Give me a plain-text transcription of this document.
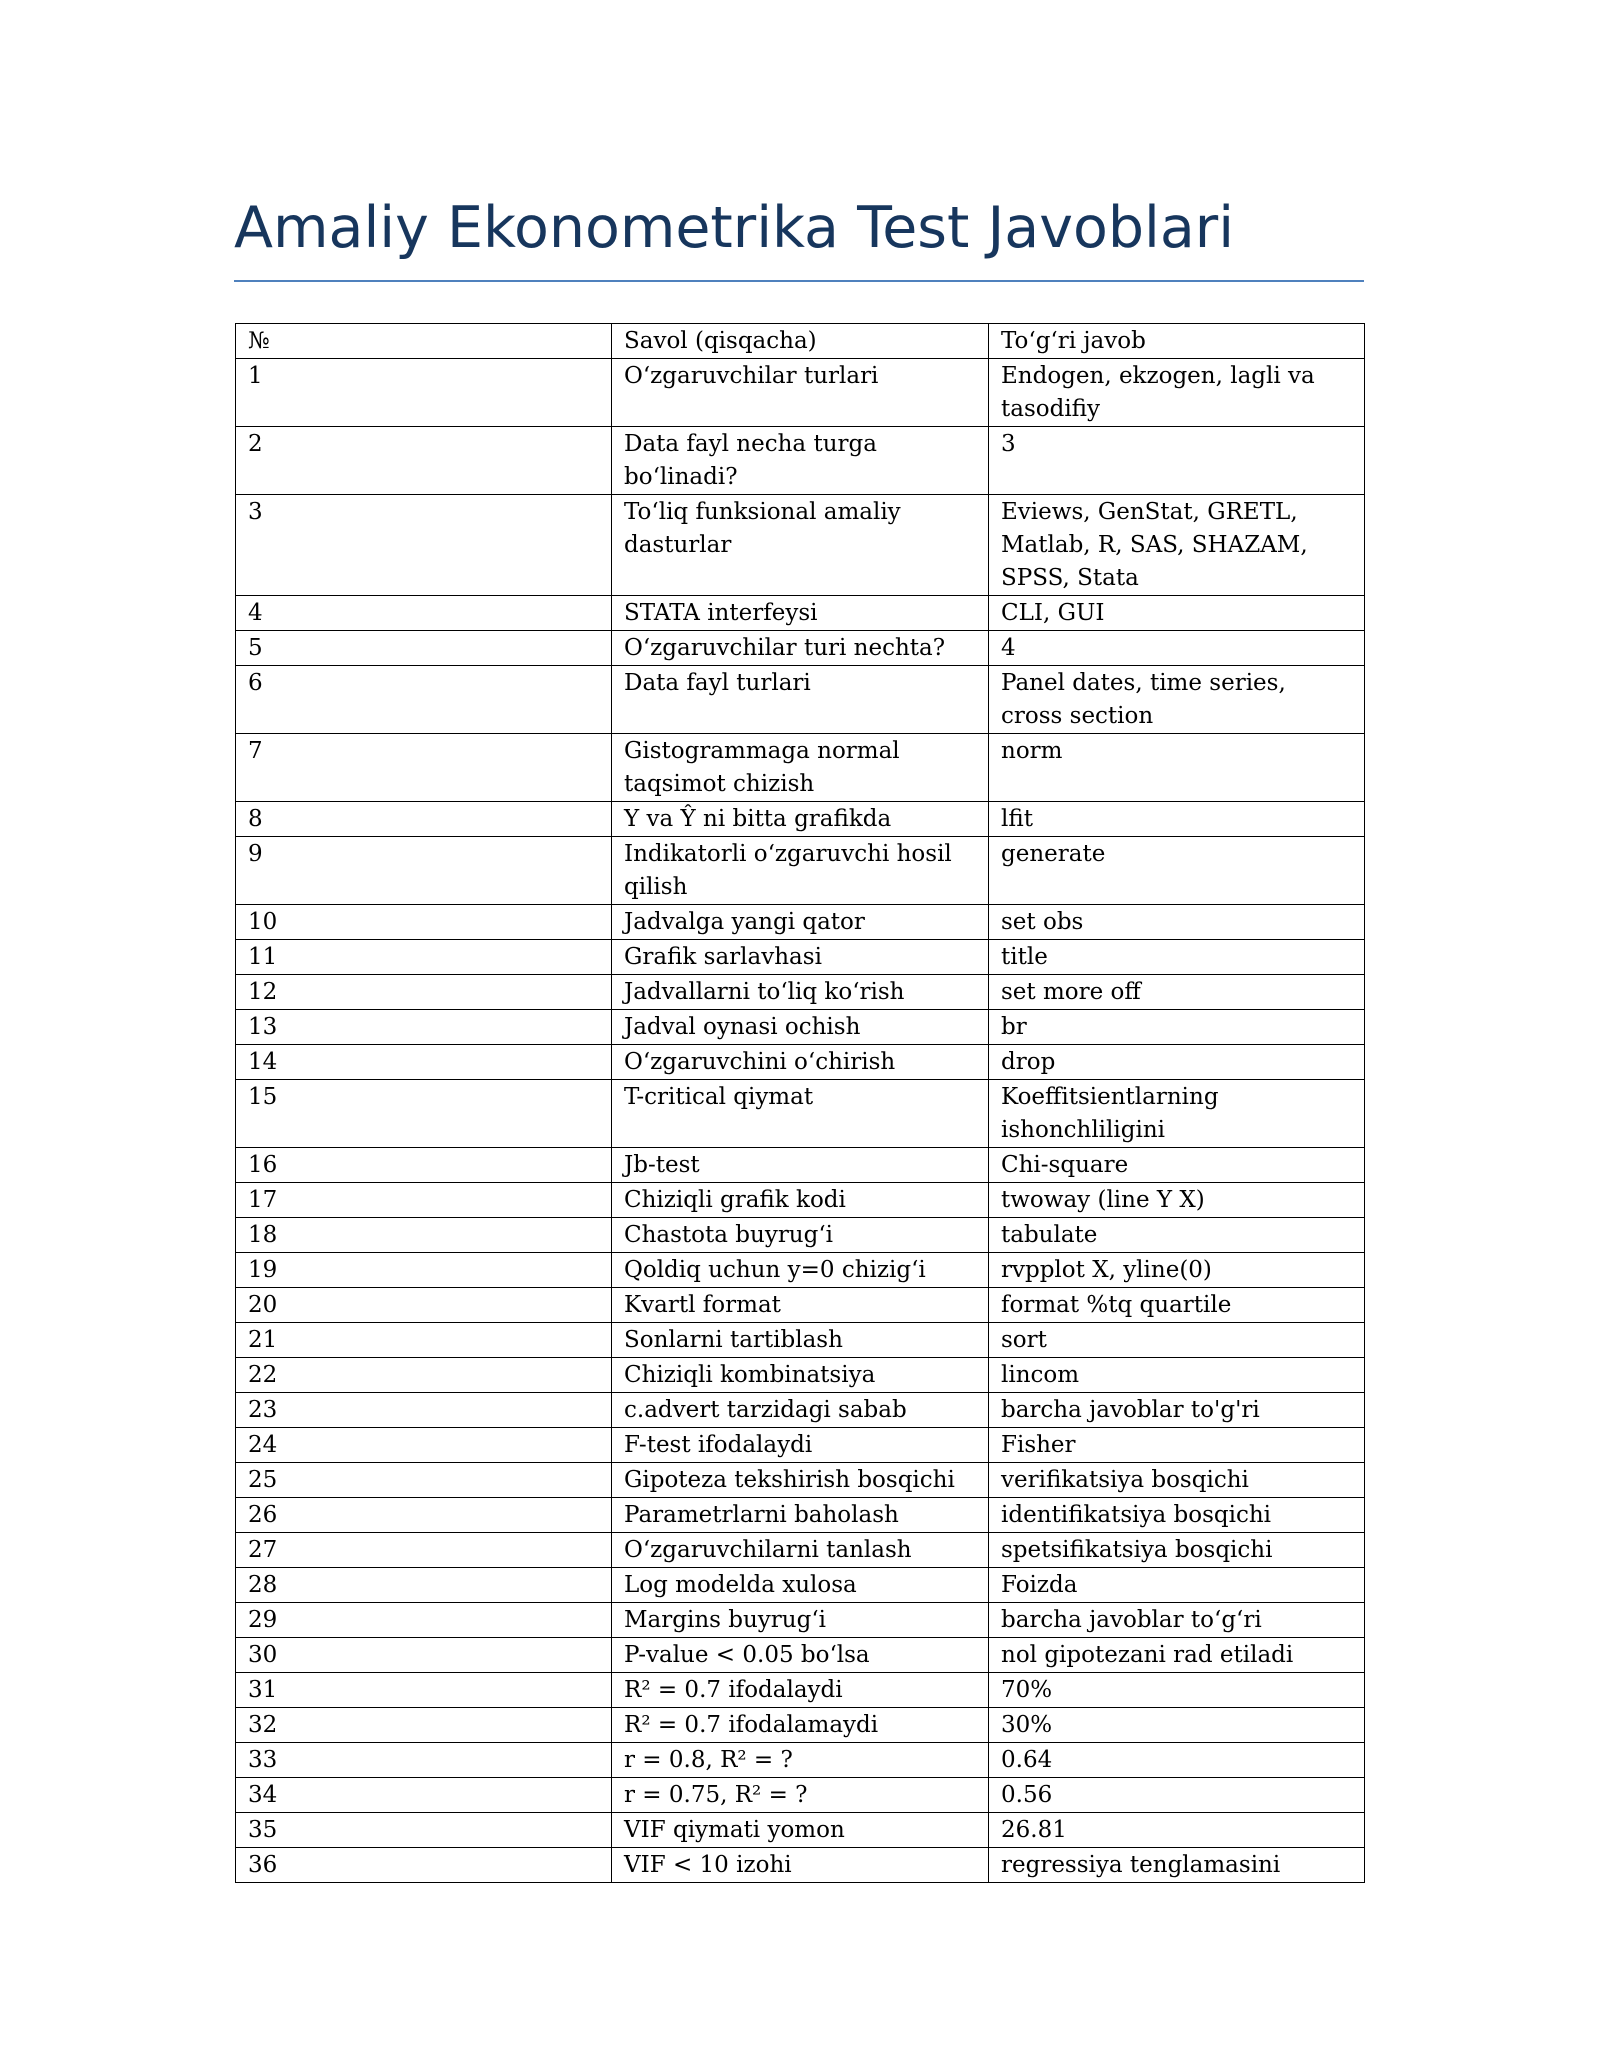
Amaliy Ekonometrika Test Javoblari
№	Savol (qisqacha)	To‘g‘ri javob
1	O‘zgaruvchilar turlari	Endogen, ekzogen, lagli va tasodifiy
2	Data fayl necha turga bo‘linadi?	3
3	To‘liq funksional amaliy dasturlar	Eviews, GenStat, GRETL, Matlab, R, SAS, SHAZAM, SPSS, Stata
4	STATA interfeysi	CLI, GUI
5	O‘zgaruvchilar turi nechta?	4
6	Data fayl turlari	Panel dates, time series, cross section
7	Gistogrammaga normal taqsimot chizish	norm
8	Y va Ŷ ni bitta grafikda	lfit
9	Indikatorli o‘zgaruvchi hosil qilish	generate
10	Jadvalga yangi qator	set obs
11	Grafik sarlavhasi	title
12	Jadvallarni to‘liq ko‘rish	set more off
13	Jadval oynasi ochish	br
14	O‘zgaruvchini o‘chirish	drop
15	T-critical qiymat	Koeffitsientlarning ishonchliligini
16	Jb-test	Chi-square
17	Chiziqli grafik kodi	twoway (line Y X)
18	Chastota buyrug‘i	tabulate
19	Qoldiq uchun y=0 chizig‘i	rvpplot X, yline(0)
20	Kvartl format	format %tq quartile
21	Sonlarni tartiblash	sort
22	Chiziqli kombinatsiya	lincom
23	c.advert tarzidagi sabab	barcha javoblar to'g'ri
24	F-test ifodalaydi	Fisher
25	Gipoteza tekshirish bosqichi	verifikatsiya bosqichi
26	Parametrlarni baholash	identifikatsiya bosqichi
27	O‘zgaruvchilarni tanlash	spetsifikatsiya bosqichi
28	Log modelda xulosa	Foizda
29	Margins buyrug‘i	barcha javoblar to‘g‘ri
30	P-value < 0.05 bo‘lsa	nol gipotezani rad etiladi
31	R² = 0.7 ifodalaydi	70%
32	R² = 0.7 ifodalamaydi	30%
33	r = 0.8, R² = ?	0.64
34	r = 0.75, R² = ?	0.56
35	VIF qiymati yomon	26.81
36	VIF < 10 izohi	regressiya tenglamasini
